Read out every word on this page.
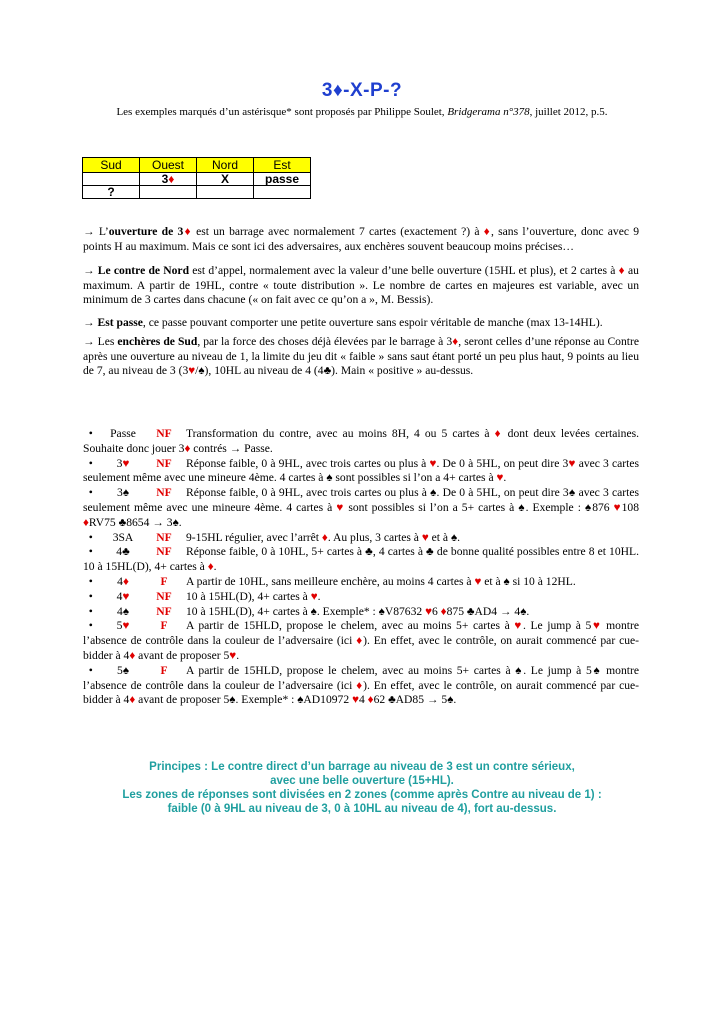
3♦-X-P-?
Les exemples marqués d’un astérisque* sont proposés par Philippe Soulet, Bridgerama n°378, juillet 2012, p.5.
Sud	Ouest	Nord	Est
	3♦	X	passe
?			
→ L’ouverture de 3♦ est un barrage avec normalement 7 cartes (exactement ?) à ♦, sans l’ouverture, donc avec 9 points H au maximum. Mais ce sont ici des adversaires, aux enchères souvent beaucoup moins précises…
→ Le contre de Nord est d’appel, normalement avec la valeur d’une belle ouverture (15HL et plus), et 2 cartes à ♦ au maximum. A partir de 19HL, contre « toute distribution ». Le nombre de cartes en majeures est variable, avec un minimum de 3 cartes dans chacune (« on fait avec ce qu’on a », M. Bessis).
→ Est passe, ce passe pouvant comporter une petite ouverture sans espoir véritable de manche (max 13-14HL).
→ Les enchères de Sud, par la force des choses déjà élevées par le barrage à 3♦, seront celles d’une réponse au Contre après une ouverture au niveau de 1, la limite du jeu dit « faible » sans saut étant porté un peu plus haut, 9 points au lieu de 7, au niveau de 3 (3♥/♠), 10HL au niveau de 4 (4♣). Main « positive » au-dessus.
• Passe NF Transformation du contre, avec au moins 8H, 4 ou 5 cartes à ♦ dont deux levées certaines. Souhaite donc jouer 3♦ contrés → Passe.
• 3♥ NF Réponse faible, 0 à 9HL, avec trois cartes ou plus à ♥. De 0 à 5HL, on peut dire 3♥ avec 3 cartes seulement même avec une mineure 4ème. 4 cartes à ♠ sont possibles si l’on a 4+ cartes à ♥.
• 3♠ NF Réponse faible, 0 à 9HL, avec trois cartes ou plus à ♠. De 0 à 5HL, on peut dire 3♠ avec 3 cartes seulement même avec une mineure 4ème. 4 cartes à ♥ sont possibles si l’on a 5+ cartes à ♠. Exemple : ♠876 ♥108 ♦RV75 ♣8654 → 3♠.
• 3SA NF 9-15HL régulier, avec l’arrêt ♦. Au plus, 3 cartes à ♥ et à ♠.
• 4♣ NF Réponse faible, 0 à 10HL, 5+ cartes à ♣, 4 cartes à ♣ de bonne qualité possibles entre 8 et 10HL. 10 à 15HL(D), 4+ cartes à ♦.
• 4♦	F A partir de 10HL, sans meilleure enchère, au moins 4 cartes à ♥ et à ♠ si 10 à 12HL.
• 4♥ NF 10 à 15HL(D), 4+ cartes à ♥.
• 4♠ NF 10 à 15HL(D), 4+ cartes à ♠. Exemple* : ♠V87632 ♥6 ♦875 ♣AD4 → 4♠.
• 5♥	F A partir de 15HLD, propose le chelem, avec au moins 5+ cartes à ♥. Le jump à 5♥ montre l’absence de contrôle dans la couleur de l’adversaire (ici ♦). En effet, avec le contrôle, on aurait commencé par cue-bidder à 4♦ avant de proposer 5♥.
• 5♠	F A partir de 15HLD, propose le chelem, avec au moins 5+ cartes à ♠. Le jump à 5♠ montre l’absence de contrôle dans la couleur de l’adversaire (ici ♦). En effet, avec le contrôle, on aurait commencé par cue-bidder à 4♦ avant de proposer 5♠. Exemple* : ♠AD10972 ♥4 ♦62 ♣AD85 → 5♠.
Principes : Le contre direct d’un barrage au niveau de 3 est un contre sérieux,
avec une belle ouverture (15+HL).
Les zones de réponses sont divisées en 2 zones (comme après Contre au niveau de 1) :
faible (0 à 9HL au niveau de 3, 0 à 10HL au niveau de 4), fort au-dessus.
